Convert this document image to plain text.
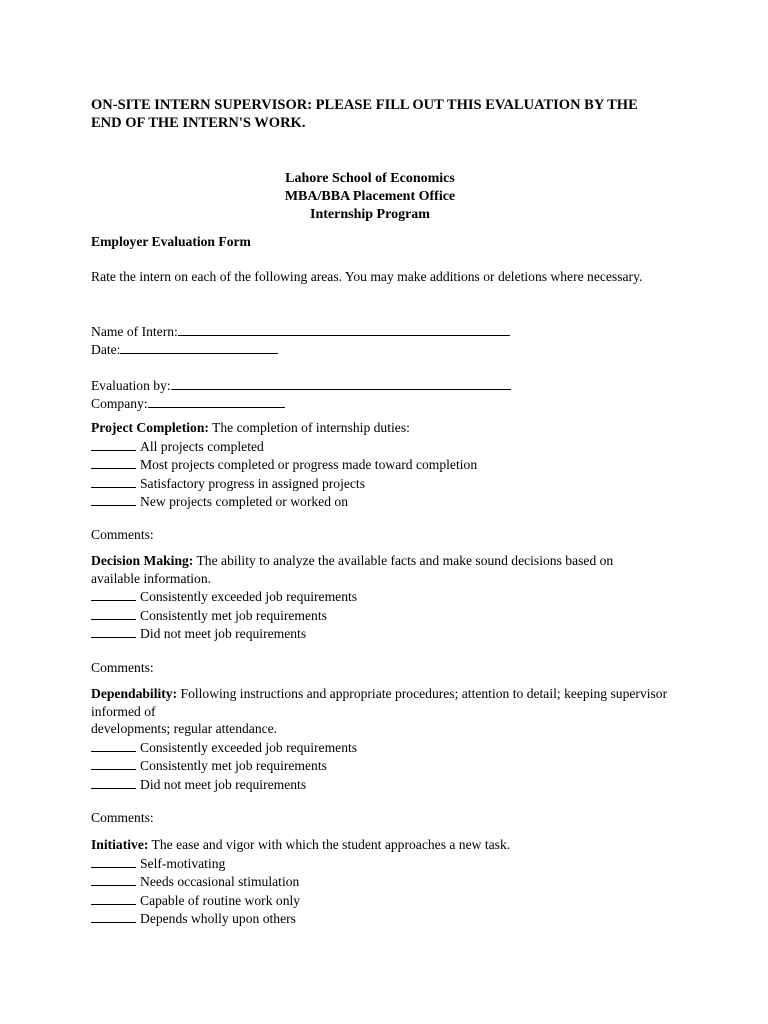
ON-SITE INTERN SUPERVISOR: PLEASE FILL OUT THIS EVALUATION BY THE END OF THE INTERN'S WORK.
Lahore School of Economics
MBA/BBA Placement Office
Internship Program
Employer Evaluation Form
Rate the intern on each of the following areas. You may make additions or deletions where necessary.
Name of Intern:
Date:
Evaluation by:
Company:
Project Completion: The completion of internship duties:
All projects completed
Most projects completed or progress made toward completion
Satisfactory progress in assigned projects
New projects completed or worked on
Comments:
Decision Making: The ability to analyze the available facts and make sound decisions based on available information.
Consistently exceeded job requirements
Consistently met job requirements
Did not meet job requirements
Comments:
Dependability: Following instructions and appropriate procedures; attention to detail; keeping supervisor informed of
developments; regular attendance.
Consistently exceeded job requirements
Consistently met job requirements
Did not meet job requirements
Comments:
Initiative: The ease and vigor with which the student approaches a new task.
Self-motivating
Needs occasional stimulation
Capable of routine work only
Depends wholly upon others
